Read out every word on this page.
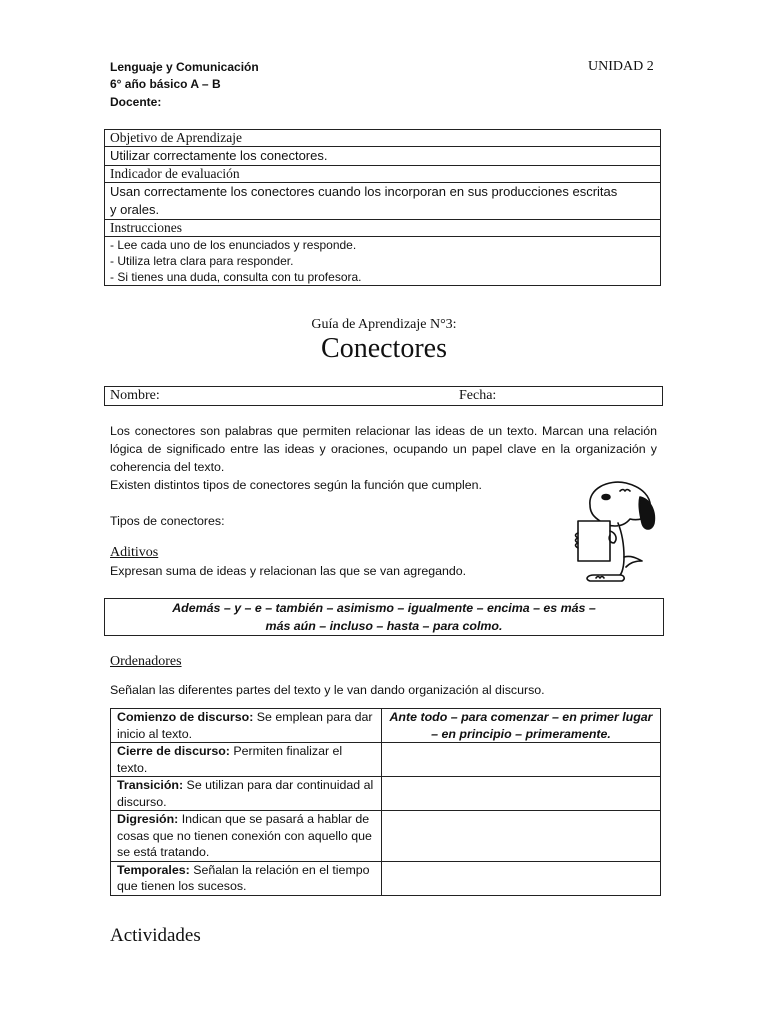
Lenguaje y Comunicación
6° año básico A – B
Docente:
UNIDAD 2
Objetivo de Aprendizaje
Utilizar correctamente los conectores.
Indicador de evaluación
Usan correctamente los conectores cuando los incorporan en sus producciones escritas y orales.
Instrucciones

- Lee cada uno de los enunciados y responde.
- Utiliza letra clara para responder.
- Si tienes una duda, consulta con tu profesora.
Guía de Aprendizaje N°3:
Conectores
Nombre:	Fecha:
Los conectores son palabras que permiten relacionar las ideas de un texto. Marcan una relación lógica de significado entre las ideas y oraciones, ocupando un papel clave en la organización y coherencia del texto.
Existen distintos tipos de conectores según la función que cumplen.
Tipos de conectores:
Aditivos
Expresan suma de ideas y relacionan las que se van agregando.
Además – y – e – también – asimismo – igualmente – encima – es más –
más aún – incluso – hasta – para colmo.
Ordenadores
Señalan las diferentes partes del texto y le van dando organización al discurso.
Comienzo de discurso: Se emplean para dar inicio al texto.	Ante todo – para comenzar – en primer lugar – en principio – primeramente.
Cierre de discurso: Permiten finalizar el texto.	
Transición: Se utilizan para dar continuidad al discurso.	
Digresión: Indican que se pasará a hablar de cosas que no tienen conexión con aquello que se está tratando.	
Temporales: Señalan la relación en el tiempo que tienen los sucesos.	
Actividades
